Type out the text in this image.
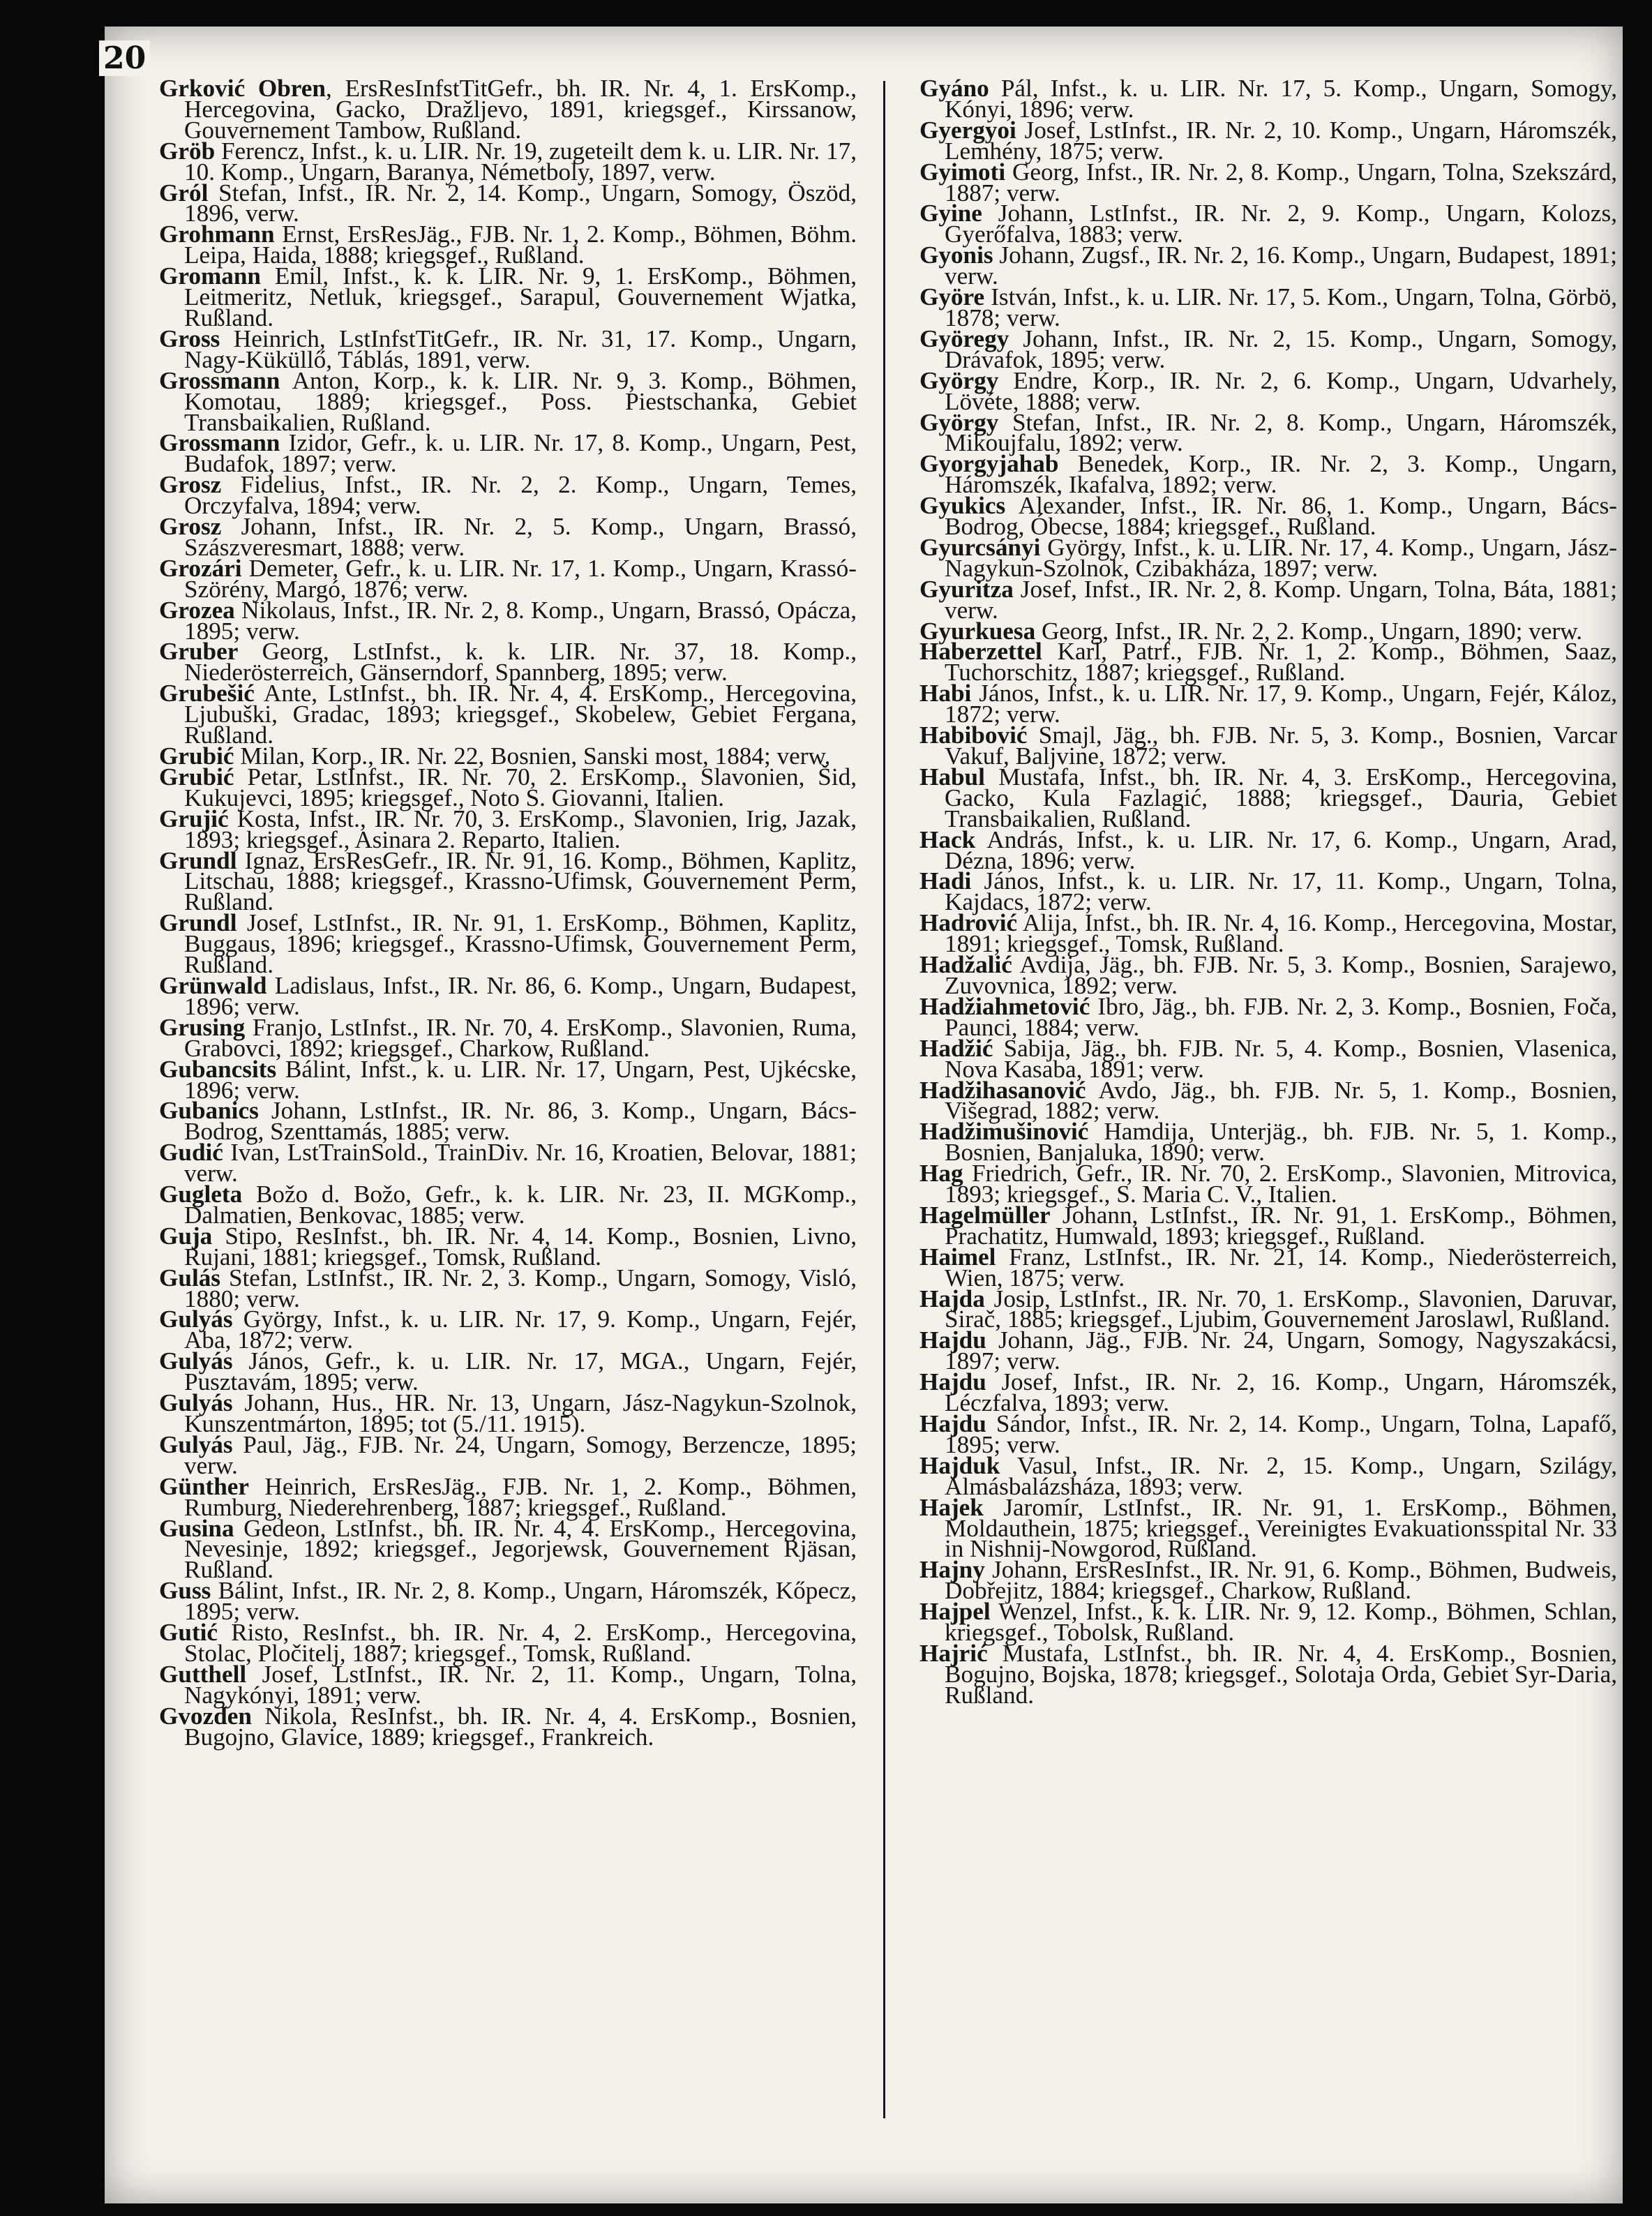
20
Grković Obren, ErsResInfstTitGefr., bh. IR. Nr. 4, 1. ErsKomp., Hercegovina, Gacko, Dražljevo, 1891, kriegsgef., Kirssanow, Gouvernement Tambow, Rußland.
Gröb Ferencz, Infst., k. u. LIR. Nr. 19, zugeteilt dem k. u. LIR. Nr. 17, 10. Komp., Ungarn, Baranya, Németboly, 1897, verw.
Gról Stefan, Infst., IR. Nr. 2, 14. Komp., Ungarn, Somogy, Öszöd, 1896, verw.
Grohmann Ernst, ErsResJäg., FJB. Nr. 1, 2. Komp., Böhmen, Böhm. Leipa, Haida, 1888; kriegsgef., Rußland.
Gromann Emil, Infst., k. k. LIR. Nr. 9, 1. ErsKomp., Böhmen, Leitmeritz, Netluk, kriegsgef., Sarapul, Gouvernement Wjatka, Rußland.
Gross Heinrich, LstInfstTitGefr., IR. Nr. 31, 17. Komp., Ungarn, Nagy-Küküllő, Táblás, 1891, verw.
Grossmann Anton, Korp., k. k. LIR. Nr. 9, 3. Komp., Böhmen, Komotau, 1889; kriegsgef., Poss. Piestschanka, Gebiet Transbaikalien, Rußland.
Grossmann Izidor, Gefr., k. u. LIR. Nr. 17, 8. Komp., Ungarn, Pest, Budafok, 1897; verw.
Grosz Fidelius, Infst., IR. Nr. 2, 2. Komp., Ungarn, Temes, Orczyfalva, 1894; verw.
Grosz Johann, Infst., IR. Nr. 2, 5. Komp., Ungarn, Brassó, Szászveresmart, 1888; verw.
Grozári Demeter, Gefr., k. u. LIR. Nr. 17, 1. Komp., Ungarn, Krassó-Szörény, Margó, 1876; verw.
Grozea Nikolaus, Infst., IR. Nr. 2, 8. Komp., Ungarn, Brassó, Opácza, 1895; verw.
Gruber Georg, LstInfst., k. k. LIR. Nr. 37, 18. Komp., Niederösterreich, Gänserndorf, Spannberg, 1895; verw.
Grubešić Ante, LstInfst., bh. IR. Nr. 4, 4. ErsKomp., Hercegovina, Ljubuški, Gradac, 1893; kriegsgef., Skobelew, Gebiet Fergana, Rußland.
Grubić Milan, Korp., IR. Nr. 22, Bosnien, Sanski most, 1884; verw.
Grubić Petar, LstInfst., IR. Nr. 70, 2. ErsKomp., Slavonien, Šid, Kukujevci, 1895; kriegsgef., Noto S. Giovanni, Italien.
Grujić Kosta, Infst., IR. Nr. 70, 3. ErsKomp., Slavonien, Irig, Jazak, 1893; kriegsgef., Asinara 2. Reparto, Italien.
Grundl Ignaz, ErsResGefr., IR. Nr. 91, 16. Komp., Böhmen, Kaplitz, Litschau, 1888; kriegsgef., Krassno-Ufimsk, Gouvernement Perm, Rußland.
Grundl Josef, LstInfst., IR. Nr. 91, 1. ErsKomp., Böhmen, Kaplitz, Buggaus, 1896; kriegsgef., Krassno-Ufimsk, Gouvernement Perm, Rußland.
Grünwald Ladislaus, Infst., IR. Nr. 86, 6. Komp., Ungarn, Budapest, 1896; verw.
Grusing Franjo, LstInfst., IR. Nr. 70, 4. ErsKomp., Slavonien, Ruma, Grabovci, 1892; kriegsgef., Charkow, Rußland.
Gubancsits Bálint, Infst., k. u. LIR. Nr. 17, Ungarn, Pest, Ujkécske, 1896; verw.
Gubanics Johann, LstInfst., IR. Nr. 86, 3. Komp., Ungarn, Bács-Bodrog, Szenttamás, 1885; verw.
Gudić Ivan, LstTrainSold., TrainDiv. Nr. 16, Kroatien, Belovar, 1881; verw.
Gugleta Božo d. Božo, Gefr., k. k. LIR. Nr. 23, II. MGKomp., Dalmatien, Benkovac, 1885; verw.
Guja Stipo, ResInfst., bh. IR. Nr. 4, 14. Komp., Bosnien, Livno, Rujani, 1881; kriegsgef., Tomsk, Rußland.
Gulás Stefan, LstInfst., IR. Nr. 2, 3. Komp., Ungarn, Somogy, Visló, 1880; verw.
Gulyás György, Infst., k. u. LIR. Nr. 17, 9. Komp., Ungarn, Fejér, Aba, 1872; verw.
Gulyás János, Gefr., k. u. LIR. Nr. 17, MGA., Ungarn, Fejér, Pusztavám, 1895; verw.
Gulyás Johann, Hus., HR. Nr. 13, Ungarn, Jász-Nagykun-Szolnok, Kunszentmárton, 1895; tot (5./11. 1915).
Gulyás Paul, Jäg., FJB. Nr. 24, Ungarn, Somogy, Berzencze, 1895; verw.
Günther Heinrich, ErsResJäg., FJB. Nr. 1, 2. Komp., Böhmen, Rumburg, Niederehrenberg, 1887; kriegsgef., Rußland.
Gusina Gedeon, LstInfst., bh. IR. Nr. 4, 4. ErsKomp., Hercegovina, Nevesinje, 1892; kriegsgef., Jegorjewsk, Gouvernement Rjäsan, Rußland.
Guss Bálint, Infst., IR. Nr. 2, 8. Komp., Ungarn, Háromszék, Kőpecz, 1895; verw.
Gutić Risto, ResInfst., bh. IR. Nr. 4, 2. ErsKomp., Hercegovina, Stolac, Pločitelj, 1887; kriegsgef., Tomsk, Rußland.
Gutthell Josef, LstInfst., IR. Nr. 2, 11. Komp., Ungarn, Tolna, Nagykónyi, 1891; verw.
Gvozden Nikola, ResInfst., bh. IR. Nr. 4, 4. ErsKomp., Bosnien, Bugojno, Glavice, 1889; kriegsgef., Frankreich.
Gyáno Pál, Infst., k. u. LIR. Nr. 17, 5. Komp., Ungarn, Somogy, Kónyi, 1896; verw.
Gyergyoi Josef, LstInfst., IR. Nr. 2, 10. Komp., Ungarn, Háromszék, Lemhény, 1875; verw.
Gyimoti Georg, Infst., IR. Nr. 2, 8. Komp., Ungarn, Tolna, Szekszárd, 1887; verw.
Gyine Johann, LstInfst., IR. Nr. 2, 9. Komp., Ungarn, Kolozs, Gyerőfalva, 1883; verw.
Gyonis Johann, Zugsf., IR. Nr. 2, 16. Komp., Ungarn, Budapest, 1891; verw.
Györe István, Infst., k. u. LIR. Nr. 17, 5. Kom., Ungarn, Tolna, Görbö, 1878; verw.
Györegy Johann, Infst., IR. Nr. 2, 15. Komp., Ungarn, Somogy, Drávafok, 1895; verw.
György Endre, Korp., IR. Nr. 2, 6. Komp., Ungarn, Udvarhely, Lövéte, 1888; verw.
György Stefan, Infst., IR. Nr. 2, 8. Komp., Ungarn, Háromszék, Mikoujfalu, 1892; verw.
Gyorgyjahab Benedek, Korp., IR. Nr. 2, 3. Komp., Ungarn, Háromszék, Ikafalva, 1892; verw.
Gyukics Alexander, Infst., IR. Nr. 86, 1. Komp., Ungarn, Bács-Bodrog, Óbecse, 1884; kriegsgef., Rußland.
Gyurcsányi György, Infst., k. u. LIR. Nr. 17, 4. Komp., Ungarn, Jász-Nagykun-Szolnok, Czibakháza, 1897; verw.
Gyuritza Josef, Infst., IR. Nr. 2, 8. Komp. Ungarn, Tolna, Báta, 1881; verw.
Gyurkuesa Georg, Infst., IR. Nr. 2, 2. Komp., Ungarn, 1890; verw.
Haberzettel Karl, Patrf., FJB. Nr. 1, 2. Komp., Böhmen, Saaz, Tuchorschitz, 1887; kriegsgef., Rußland.
Habi János, Infst., k. u. LIR. Nr. 17, 9. Komp., Ungarn, Fejér, Káloz, 1872; verw.
Habibović Smajl, Jäg., bh. FJB. Nr. 5, 3. Komp., Bosnien, Varcar Vakuf, Baljvine, 1872; verw.
Habul Mustafa, Infst., bh. IR. Nr. 4, 3. ErsKomp., Hercegovina, Gacko, Kula Fazlagić, 1888; kriegsgef., Dauria, Gebiet Transbaikalien, Rußland.
Hack András, Infst., k. u. LIR. Nr. 17, 6. Komp., Ungarn, Arad, Dézna, 1896; verw.
Hadi János, Infst., k. u. LIR. Nr. 17, 11. Komp., Ungarn, Tolna, Kajdacs, 1872; verw.
Hadrović Alija, Infst., bh. IR. Nr. 4, 16. Komp., Hercegovina, Mostar, 1891; kriegsgef., Tomsk, Rußland.
Hadžalić Avdija, Jäg., bh. FJB. Nr. 5, 3. Komp., Bosnien, Sarajewo, Zuvovnica, 1892; verw.
Hadžiahmetović Ibro, Jäg., bh. FJB. Nr. 2, 3. Komp., Bosnien, Foča, Paunci, 1884; verw.
Hadžić Sabija, Jäg., bh. FJB. Nr. 5, 4. Komp., Bosnien, Vlasenica, Nova Kasaba, 1891; verw.
Hadžihasanović Avdo, Jäg., bh. FJB. Nr. 5, 1. Komp., Bosnien, Višegrad, 1882; verw.
Hadžimušinović Hamdija, Unterjäg., bh. FJB. Nr. 5, 1. Komp., Bosnien, Banjaluka, 1890; verw.
Hag Friedrich, Gefr., IR. Nr. 70, 2. ErsKomp., Slavonien, Mitrovica, 1893; kriegsgef., S. Maria C. V., Italien.
Hagelmüller Johann, LstInfst., IR. Nr. 91, 1. ErsKomp., Böhmen, Prachatitz, Humwald, 1893; kriegsgef., Rußland.
Haimel Franz, LstInfst., IR. Nr. 21, 14. Komp., Niederösterreich, Wien, 1875; verw.
Hajda Josip, LstInfst., IR. Nr. 70, 1. ErsKomp., Slavonien, Daruvar, Sirač, 1885; kriegsgef., Ljubim, Gouvernement Jaroslawl, Rußland.
Hajdu Johann, Jäg., FJB. Nr. 24, Ungarn, Somogy, Nagyszakácsi, 1897; verw.
Hajdu Josef, Infst., IR. Nr. 2, 16. Komp., Ungarn, Háromszék, Léczfalva, 1893; verw.
Hajdu Sándor, Infst., IR. Nr. 2, 14. Komp., Ungarn, Tolna, Lapafő, 1895; verw.
Hajduk Vasul, Infst., IR. Nr. 2, 15. Komp., Ungarn, Szilágy, Almásbalázsháza, 1893; verw.
Hajek Jaromír, LstInfst., IR. Nr. 91, 1. ErsKomp., Böhmen, Moldauthein, 1875; kriegsgef., Vereinigtes Evakuationsspital Nr. 33 in Nishnij-Nowgorod, Rußland.
Hajny Johann, ErsResInfst., IR. Nr. 91, 6. Komp., Böhmen, Budweis, Dobřejitz, 1884; kriegsgef., Charkow, Rußland.
Hajpel Wenzel, Infst., k. k. LIR. Nr. 9, 12. Komp., Böhmen, Schlan, kriegsgef., Tobolsk, Rußland.
Hajrić Mustafa, LstInfst., bh. IR. Nr. 4, 4. ErsKomp., Bosnien, Bogujno, Bojska, 1878; kriegsgef., Solotaja Orda, Gebiet Syr-Daria, Rußland.
